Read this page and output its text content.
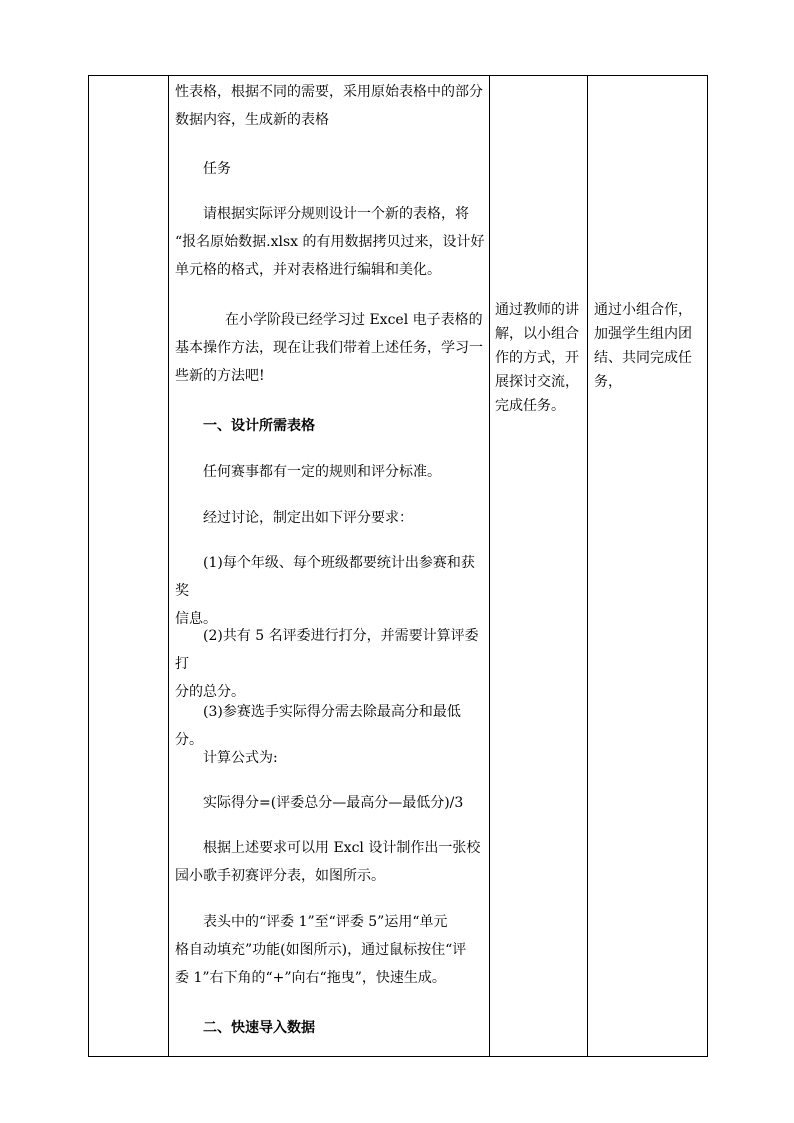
性表格，根据不同的需要，采用原始表格中的部分

数据内容，生成新的表格

任务

请根据实际评分规则设计一个新的表格，将

“报名原始数据.xlsx 的有用数据拷贝过来，设计好

单元格的格式，并对表格进行编辑和美化。

在小学阶段已经学习过 Excel 电子表格的

基本操作方法，现在让我们带着上述任务，学习一

些新的方法吧!

一、设计所需表格

任何赛事都有一定的规则和评分标准。

经过讨论，制定出如下评分要求：

(1)每个年级、每个班级都要统计出参赛和获奖

信息。

(2)共有 5 名评委进行打分，并需要计算评委打

分的总分。

(3)参赛选手实际得分需去除最高分和最低分。

计算公式为:

实际得分=(评委总分—最高分—最低分)/3

根据上述要求可以用 Excl 设计制作出一张校

园小歌手初赛评分表，如图所示。

表头中的“评委 1”至“评委 5”运用“单元

格自动填充”功能(如图所示)，通过鼠标按住“评

委 1”右下角的“+”向右“拖曳”，快速生成。

二、快速导入数据

通过教师的讲
解，以小组合
作的方式，开
展探讨交流，
完成任务。
通过小组合作，
加强学生组内团
结、共同完成任
务，
